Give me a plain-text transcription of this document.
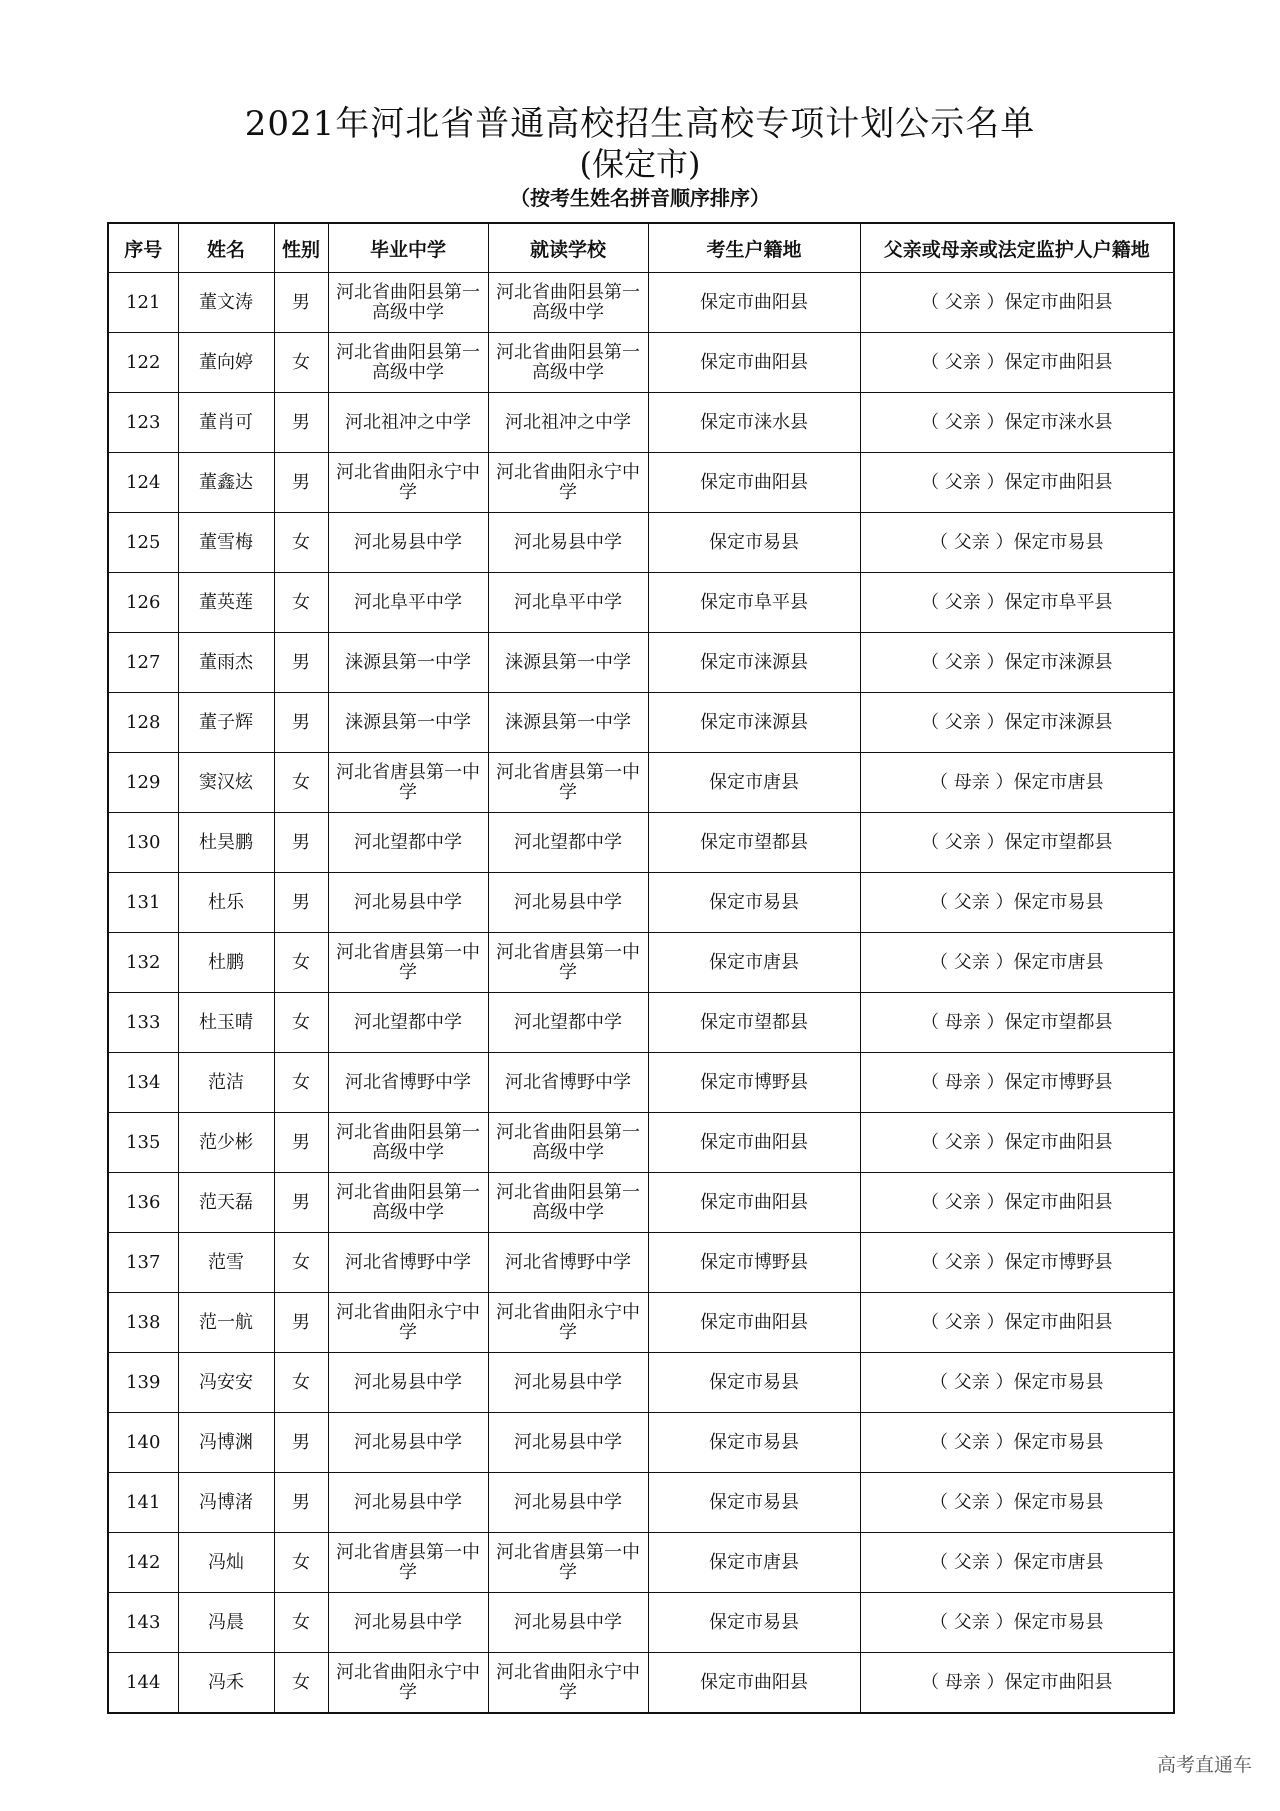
2021年河北省普通高校招生高校专项计划公示名单
(保定市)
（按考生姓名拼音顺序排序）
序号	姓名	性别	毕业中学	就读学校	考生户籍地	父亲或母亲或法定监护人户籍地
121	董文涛	男	河北省曲阳县第一高级中学	河北省曲阳县第一高级中学	保定市曲阳县	（ 父亲 ）保定市曲阳县
122	董向婷	女	河北省曲阳县第一高级中学	河北省曲阳县第一高级中学	保定市曲阳县	（ 父亲 ）保定市曲阳县
123	董肖可	男	河北祖冲之中学	河北祖冲之中学	保定市涞水县	（ 父亲 ）保定市涞水县
124	董鑫达	男	河北省曲阳永宁中学	河北省曲阳永宁中学	保定市曲阳县	（ 父亲 ）保定市曲阳县
125	董雪梅	女	河北易县中学	河北易县中学	保定市易县	（ 父亲 ）保定市易县
126	董英莲	女	河北阜平中学	河北阜平中学	保定市阜平县	（ 父亲 ）保定市阜平县
127	董雨杰	男	涞源县第一中学	涞源县第一中学	保定市涞源县	（ 父亲 ）保定市涞源县
128	董子辉	男	涞源县第一中学	涞源县第一中学	保定市涞源县	（ 父亲 ）保定市涞源县
129	窦汉炫	女	河北省唐县第一中学	河北省唐县第一中学	保定市唐县	（ 母亲 ）保定市唐县
130	杜昊鹏	男	河北望都中学	河北望都中学	保定市望都县	（ 父亲 ）保定市望都县
131	杜乐	男	河北易县中学	河北易县中学	保定市易县	（ 父亲 ）保定市易县
132	杜鹏	女	河北省唐县第一中学	河北省唐县第一中学	保定市唐县	（ 父亲 ）保定市唐县
133	杜玉晴	女	河北望都中学	河北望都中学	保定市望都县	（ 母亲 ）保定市望都县
134	范洁	女	河北省博野中学	河北省博野中学	保定市博野县	（ 母亲 ）保定市博野县
135	范少彬	男	河北省曲阳县第一高级中学	河北省曲阳县第一高级中学	保定市曲阳县	（ 父亲 ）保定市曲阳县
136	范天磊	男	河北省曲阳县第一高级中学	河北省曲阳县第一高级中学	保定市曲阳县	（ 父亲 ）保定市曲阳县
137	范雪	女	河北省博野中学	河北省博野中学	保定市博野县	（ 父亲 ）保定市博野县
138	范一航	男	河北省曲阳永宁中学	河北省曲阳永宁中学	保定市曲阳县	（ 父亲 ）保定市曲阳县
139	冯安安	女	河北易县中学	河北易县中学	保定市易县	（ 父亲 ）保定市易县
140	冯博渊	男	河北易县中学	河北易县中学	保定市易县	（ 父亲 ）保定市易县
141	冯博渚	男	河北易县中学	河北易县中学	保定市易县	（ 父亲 ）保定市易县
142	冯灿	女	河北省唐县第一中学	河北省唐县第一中学	保定市唐县	（ 父亲 ）保定市唐县
143	冯晨	女	河北易县中学	河北易县中学	保定市易县	（ 父亲 ）保定市易县
144	冯禾	女	河北省曲阳永宁中学	河北省曲阳永宁中学	保定市曲阳县	（ 母亲 ）保定市曲阳县
高考直通车
